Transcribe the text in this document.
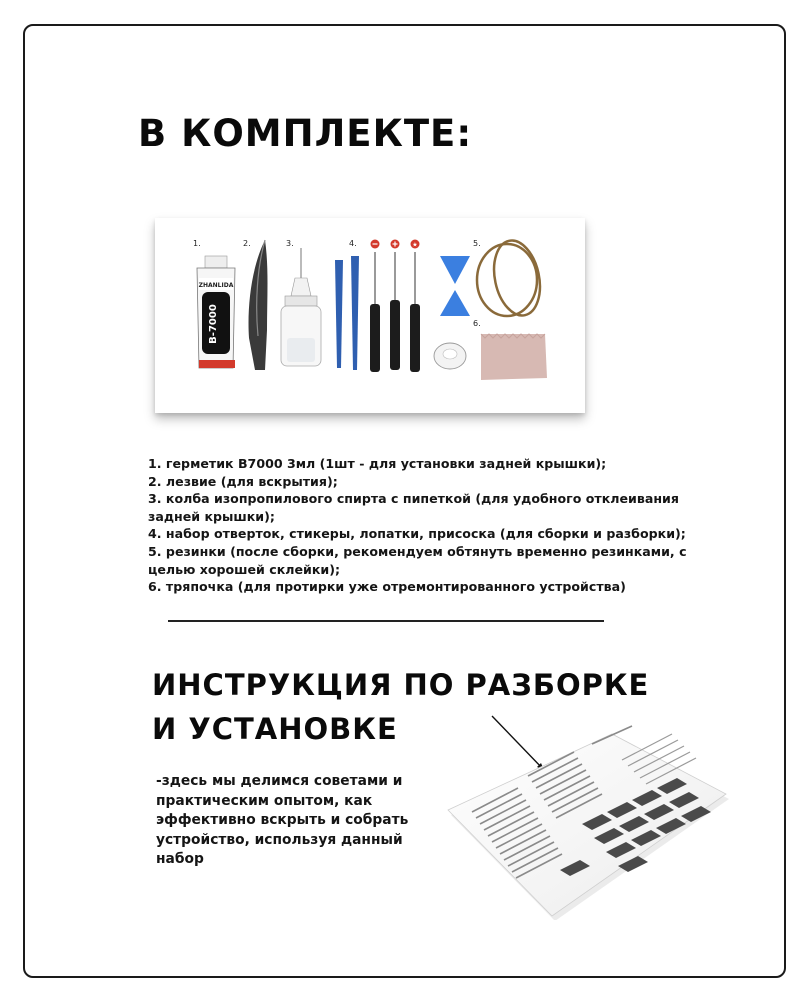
В КОМПЛЕКТЕ:
1.	2.	3.	4.	5.
6.
ZHANLIDA
B-7000
★
1. герметик B7000 3мл (1шт - для установки задней крышки);
2. лезвие (для вскрытия);
3. колба изопропилового спирта с пипеткой (для удобного отклеивания задней крышки);
4. набор отверток, стикеры, лопатки, присоска (для сборки и разборки);
5. резинки (после сборки, рекомендуем обтянуть временно резинками, с целью хорошей склейки);
6. тряпочка (для протирки уже отремонтированного устройства)
ИНСТРУКЦИЯ ПО РАЗБОРКЕ
И УСТАНОВКЕ

-здесь мы делимся советами и практическим опытом, как эффективно вскрыть и собрать устройство, используя данный набор
